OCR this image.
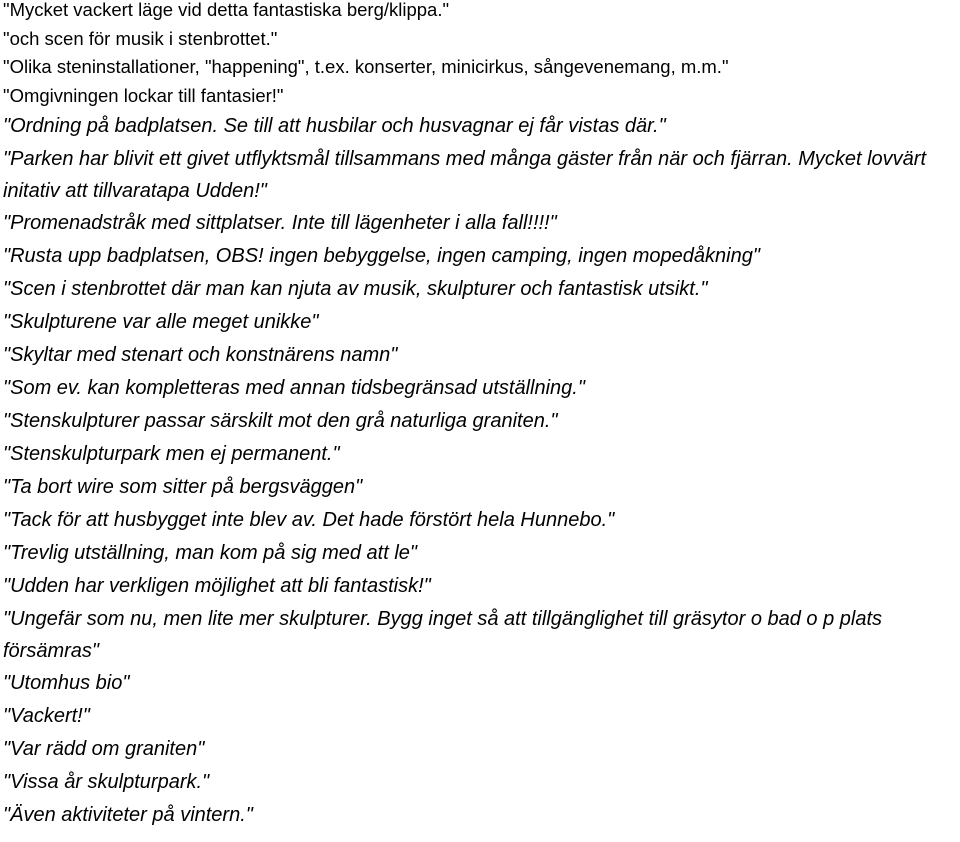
"Mycket vackert läge vid detta fantastiska berg/klippa."
"och scen för musik i stenbrottet."
"Olika steninstallationer, "happening", t.ex. konserter, minicirkus, sångevenemang, m.m."
"Omgivningen lockar till fantasier!"
"Ordning på badplatsen. Se till att husbilar och husvagnar ej får vistas där."
"Parken har blivit ett givet utflyktsmål tillsammans med många gäster från när och fjärran. Mycket lovvärt initativ att tillvaratapa Udden!"
"Promenadstråk med sittplatser. Inte till lägenheter i alla fall!!!!"
"Rusta upp badplatsen, OBS! ingen bebyggelse, ingen camping, ingen mopedåkning"
"Scen i stenbrottet där man kan njuta av musik, skulpturer och fantastisk utsikt."
"Skulpturene var alle meget unikke"
"Skyltar med stenart och konstnärens namn"
"Som ev. kan kompletteras med annan tidsbegränsad utställning."
"Stenskulpturer passar särskilt mot den grå naturliga graniten."
"Stenskulpturpark men ej permanent."
"Ta bort wire som sitter på bergsväggen"
"Tack för att husbygget inte blev av. Det hade förstört hela Hunnebo."
"Trevlig utställning, man kom på sig med att le"
"Udden har verkligen möjlighet att bli fantastisk!"
"Ungefär som nu, men lite mer skulpturer. Bygg inget så att tillgänglighet till gräsytor o bad o p plats försämras"
"Utomhus bio"
"Vackert!"
"Var rädd om graniten"
"Vissa år skulpturpark."
"Även aktiviteter på vintern."
